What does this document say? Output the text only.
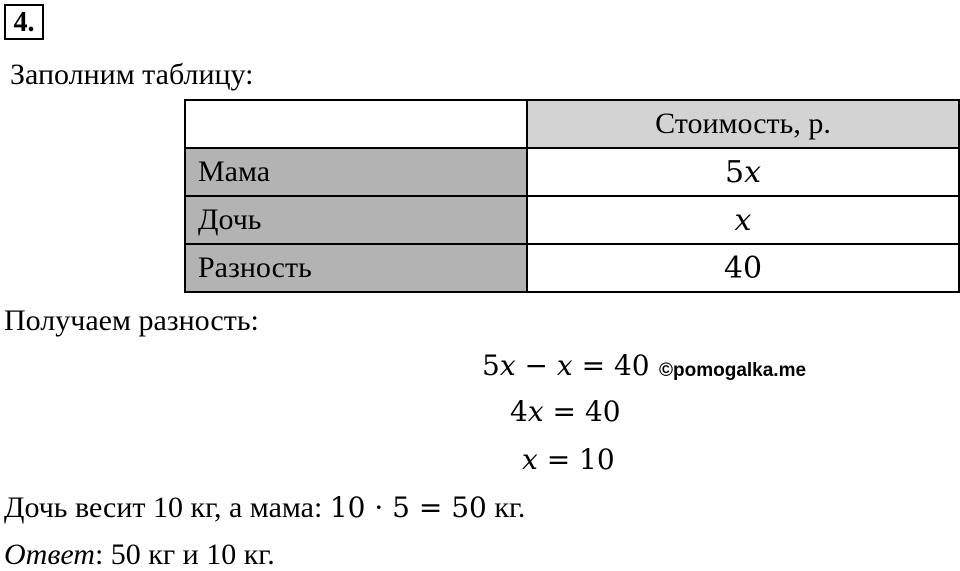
4.
Заполним таблицу:
	Стоимость, р.
Мама	5x
Дочь	x
Разность	40
Получаем разность:
5x − x = 40 ©pomogalka.me
4x = 40
x = 10
Дочь весит 10 кг, а мама: 10 · 5 = 50 кг.
Ответ: 50 кг и 10 кг.
